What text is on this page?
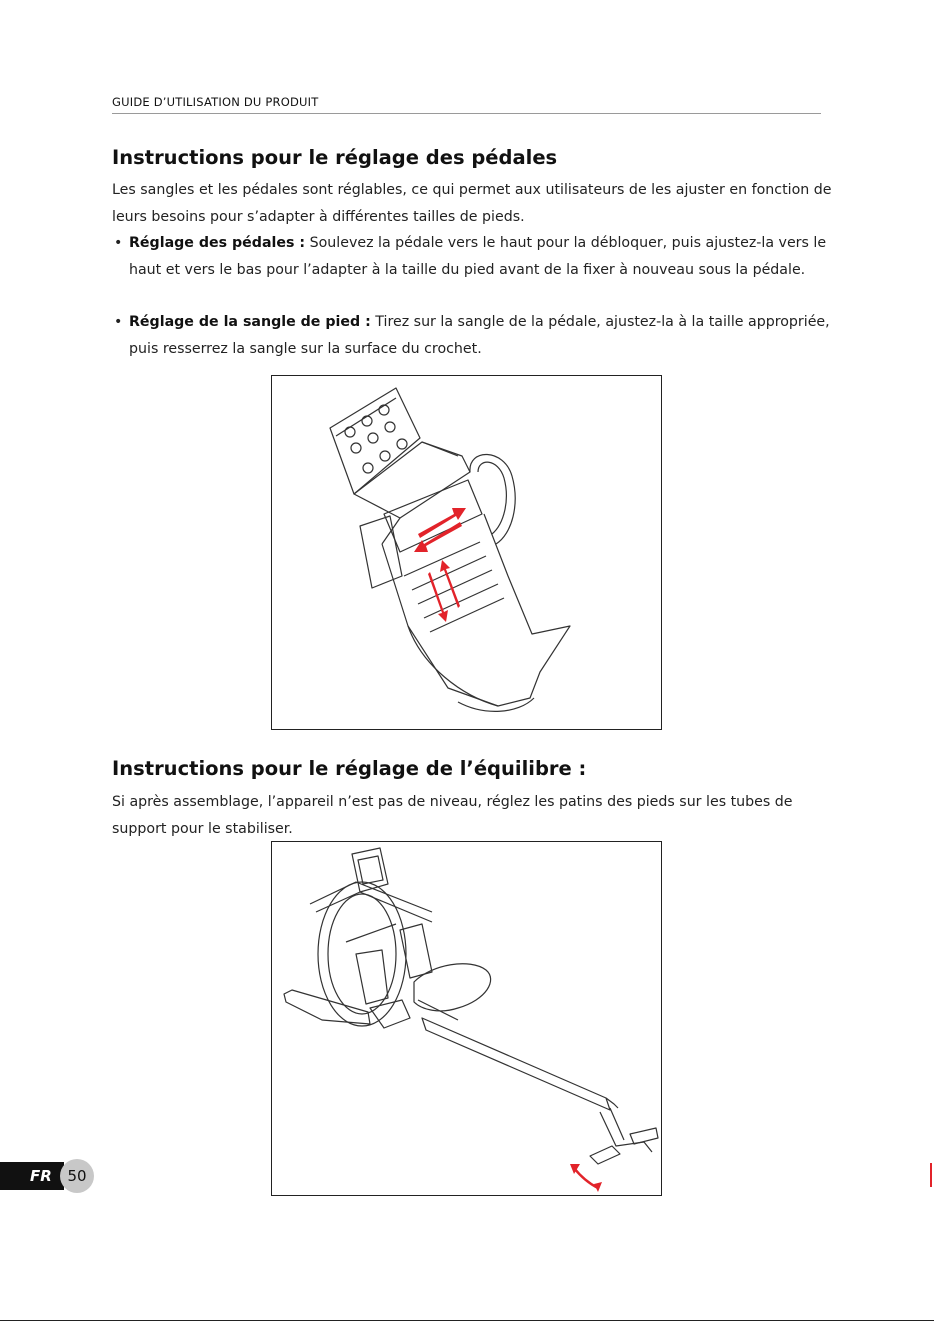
GUIDE D’UTILISATION DU PRODUIT
Instructions pour le réglage des pédales

Les sangles et les pédales sont réglables, ce qui permet aux utilisateurs de les ajuster en fonction de leurs besoins pour s’adapter à différentes tailles de pieds.

• Réglage des pédales : Soulevez la pédale vers le haut pour la débloquer, puis ajustez-la vers le haut et vers le bas pour l’adapter à la taille du pied avant de la fixer à nouveau sous la pédale.
• Réglage de la sangle de pied : Tirez sur la sangle de la pédale, ajustez-la à la taille appropriée, puis resserrez la sangle sur la surface du crochet.
Instructions pour le réglage de l’équilibre :

Si après assemblage, l’appareil n’est pas de niveau, réglez les patins des pieds sur les tubes de support pour le stabiliser.

FR	50
